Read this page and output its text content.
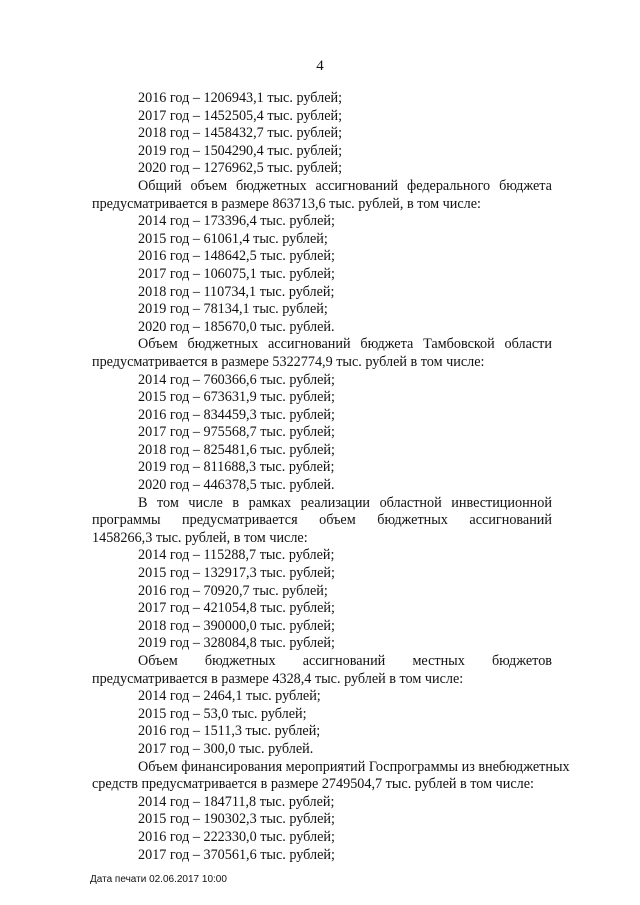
4
2016 год – 1206943,1 тыс. рублей;
2017 год – 1452505,4 тыс. рублей;
2018 год – 1458432,7 тыс. рублей;
2019 год – 1504290,4 тыс. рублей;
2020 год – 1276962,5 тыс. рублей;
Общий объем бюджетных ассигнований федерального бюджета
предусматривается в размере 863713,6 тыс. рублей, в том числе:
2014 год – 173396,4 тыс. рублей;
2015 год – 61061,4 тыс. рублей;
2016 год – 148642,5 тыс. рублей;
2017 год – 106075,1 тыс. рублей;
2018 год – 110734,1 тыс. рублей;
2019 год – 78134,1 тыс. рублей;
2020 год – 185670,0 тыс. рублей.
Объем бюджетных ассигнований бюджета Тамбовской области
предусматривается в размере 5322774,9 тыс. рублей в том числе:
2014 год – 760366,6 тыс. рублей;
2015 год – 673631,9 тыс. рублей;
2016 год – 834459,3 тыс. рублей;
2017 год – 975568,7 тыс. рублей;
2018 год – 825481,6 тыс. рублей;
2019 год – 811688,3 тыс. рублей;
2020 год – 446378,5 тыс. рублей.
В том числе в рамках реализации областной инвестиционной
программы предусматривается объем бюджетных ассигнований
1458266,3 тыс. рублей, в том числе:
2014 год – 115288,7 тыс. рублей;
2015 год – 132917,3 тыс. рублей;
2016 год – 70920,7 тыс. рублей;
2017 год – 421054,8 тыс. рублей;
2018 год – 390000,0 тыс. рублей;
2019 год – 328084,8 тыс. рублей;
Объем бюджетных ассигнований местных бюджетов
предусматривается в размере 4328,4 тыс. рублей в том числе:
2014 год – 2464,1 тыс. рублей;
2015 год – 53,0 тыс. рублей;
2016 год – 1511,3 тыс. рублей;
2017 год – 300,0 тыс. рублей.
Объем финансирования мероприятий Госпрограммы из внебюджетных
средств предусматривается в размере 2749504,7 тыс. рублей в том числе:
2014 год – 184711,8 тыс. рублей;
2015 год – 190302,3 тыс. рублей;
2016 год – 222330,0 тыс. рублей;
2017 год – 370561,6 тыс. рублей;
Дата печати 02.06.2017 10:00
